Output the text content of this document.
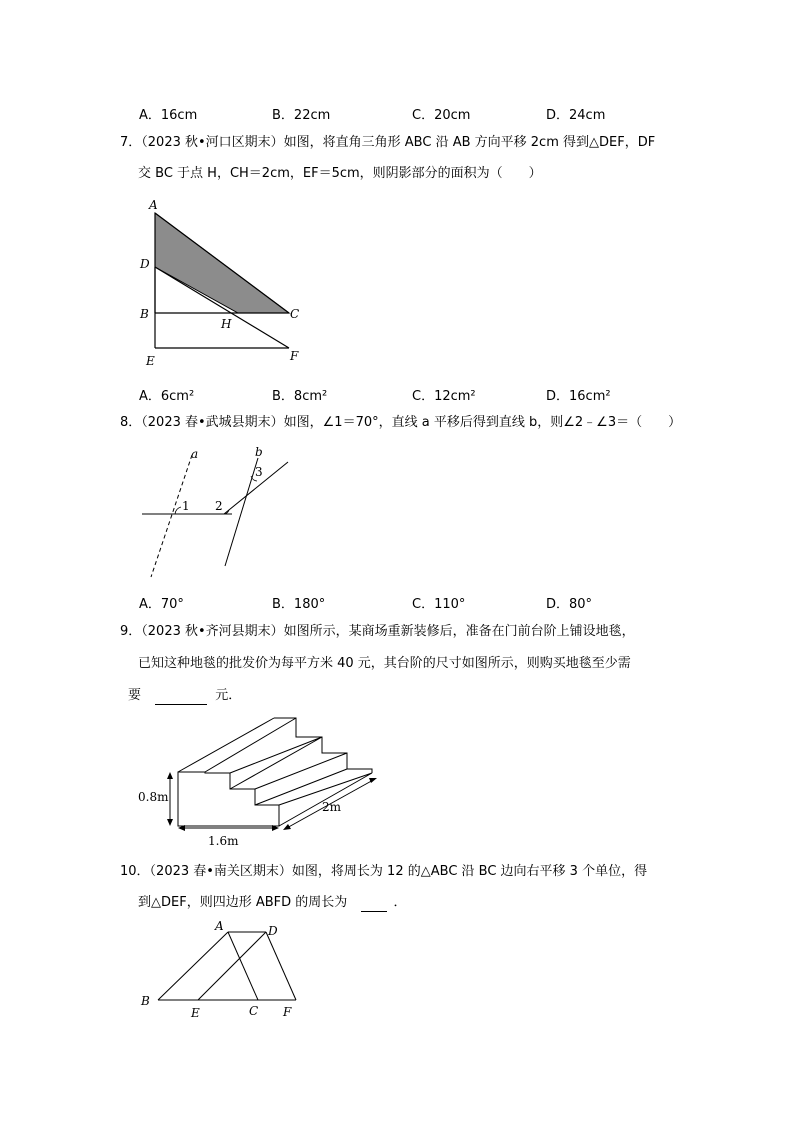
A．16cm	B．22cm	C．20cm	D．24cm
7．（2023 秋•河口区期末）如图，将直角三角形 ABC 沿 AB 方向平移 2cm 得到△DEF，DF
交 BC 于点 H，CH＝2cm，EF＝5cm，则阴影部分的面积为（　　）
A
D
B
H
C
E	F
A．6cm²	B．8cm²	C．12cm²	D．16cm²
8．（2023 春•武城县期末）如图，∠1＝70°，直线 a 平移后得到直线 b，则∠2﹣∠3＝（　　）
a	b
1 2
3
A．70°	B．180°	C．110°	D．80°
9．（2023 秋•齐河县期末）如图所示，某商场重新装修后，准备在门前台阶上铺设地毯，
已知这种地毯的批发价为每平方米 40 元，其台阶的尺寸如图所示，则购买地毯至少需
要	元．
0.8m
1.6m
2m
10．（2023 春•南关区期末）如图，将周长为 12 的△ABC 沿 BC 边向右平移 3 个单位，得
到△DEF，则四边形 ABFD 的周长为	．
A	D
B
E	C F
